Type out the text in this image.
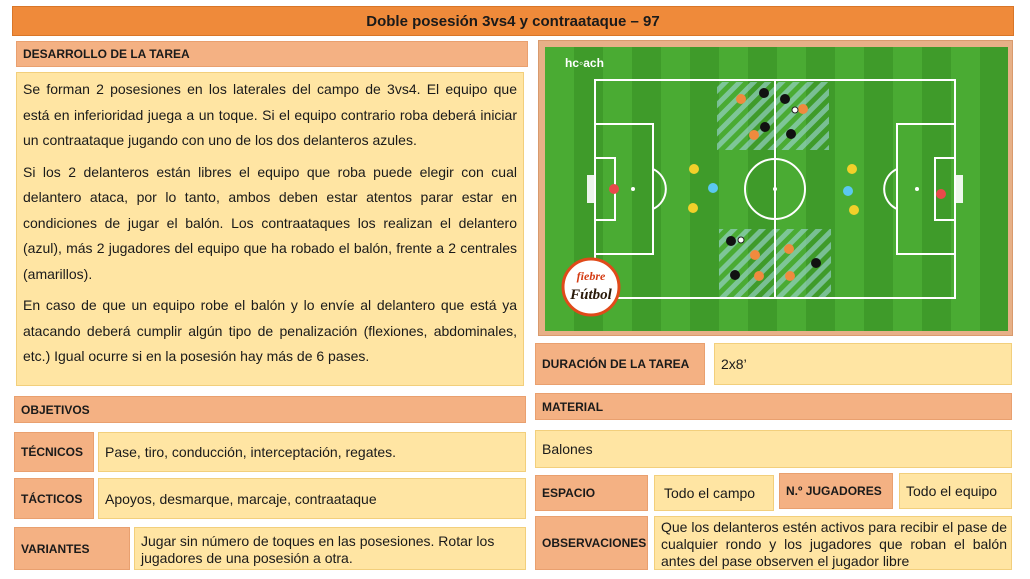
Doble posesión 3vs4 y contraataque – 97
DESARROLLO DE LA TAREA

Se forman 2 posesiones en los laterales del campo de 3vs4. El equipo que está en inferioridad juega a un toque. Si el equipo contrario roba deberá iniciar un contraataque jugando con uno de los dos delanteros azules.

Si los 2 delanteros están libres el equipo que roba puede elegir con cual delantero ataca, por lo tanto, ambos deben estar atentos parar estar en condiciones de jugar el balón. Los contraataques los realizan el delantero (azul), más 2 jugadores del equipo que ha robado el balón, frente a 2 centrales (amarillos).

En caso de que un equipo robe el balón y lo envíe al delantero que está ya atacando deberá cumplir algún tipo de penalización (flexiones, abdominales, etc.) Igual ocurre si en la posesión hay más de 6 pases.

OBJETIVOS
TÉCNICOS Pase, tiro, conducción, interceptación, regates.
TÁCTICOS Apoyos, desmarque, marcaje, contraataque
VARIANTES	Jugar sin número de toques en las posesiones. Rotar los jugadores de una posesión a otra.
hc◦ach
fiebre
Fútbol
DURACIÓN DE LA TAREA 2x8’
MATERIAL
Balones
ESPACIO	Todo el campo	N.º JUGADORES Todo el equipo
OBSERVACIONES
Que los delanteros estén activos para recibir el pase de cualquier rondo y los jugadores que roban el balón antes del pase observen el jugador libre
